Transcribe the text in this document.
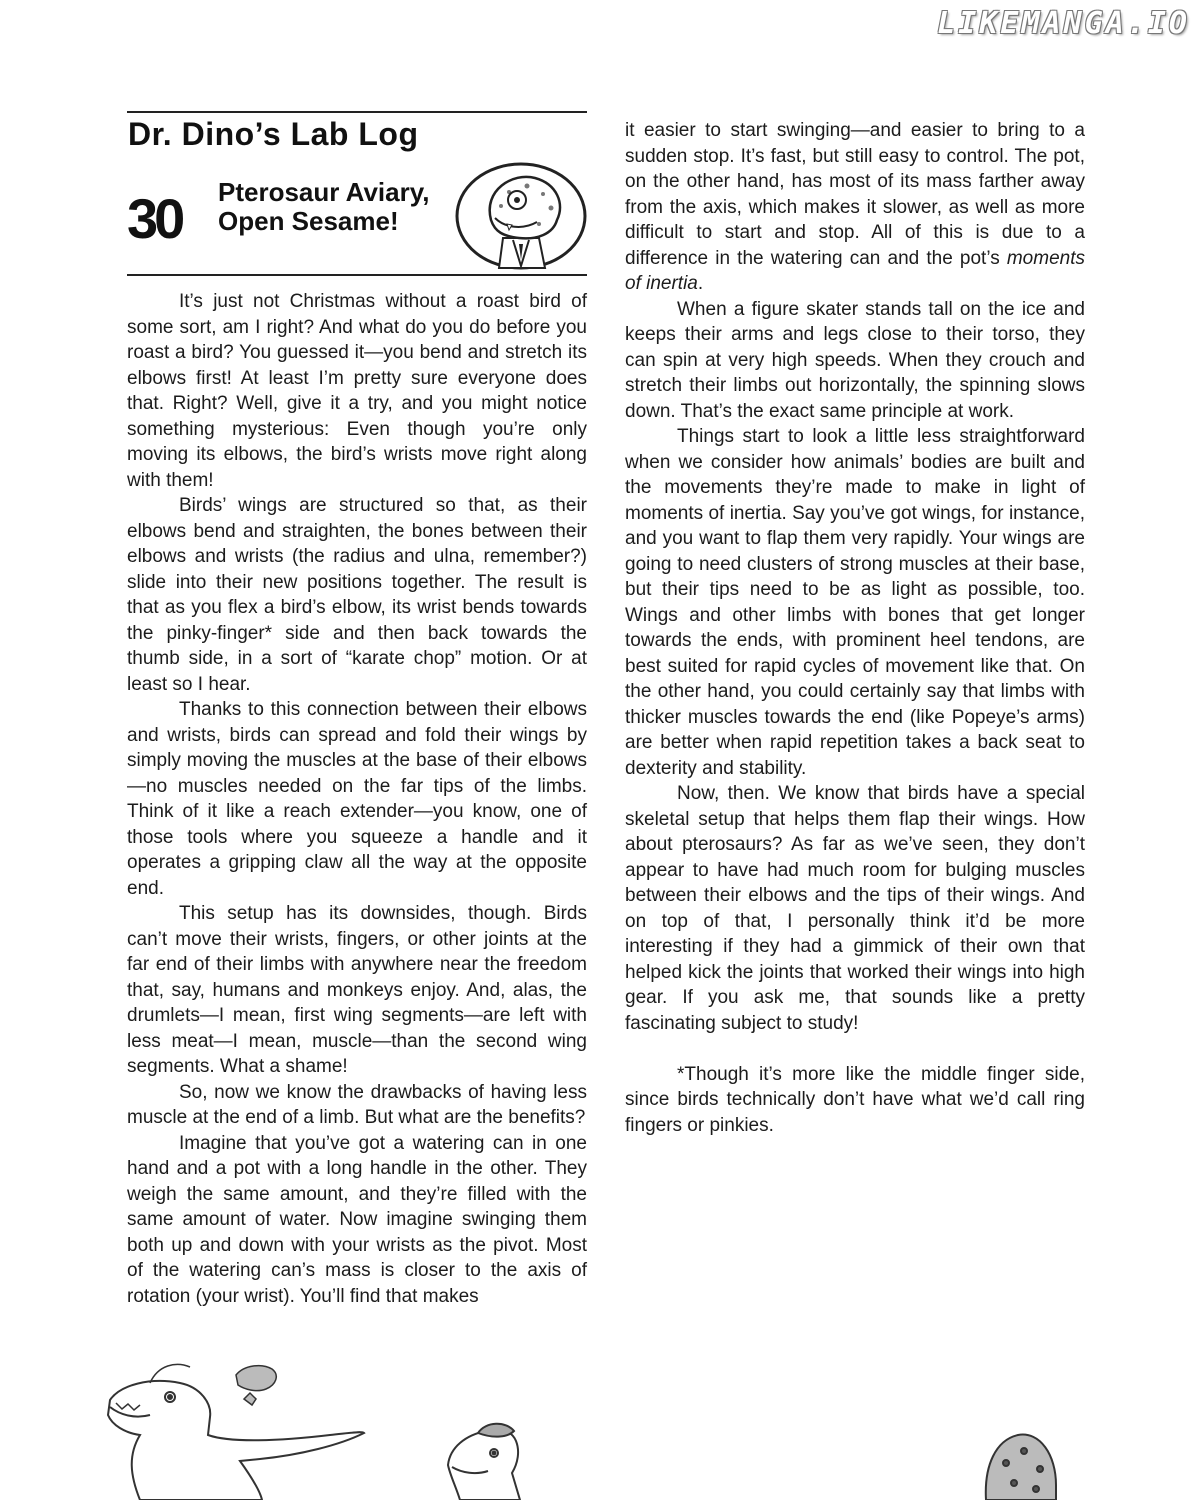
LIKEMANGA.IO
Dr. Dino’s Lab Log
30 Pterosaur Aviary, Open Sesame!

It’s just not Christmas without a roast bird of some sort, am I right? And what do you do before you roast a bird? You guessed it—you bend and stretch its elbows first! At least I’m pretty sure everyone does that. Right? Well, give it a try, and you might notice something mysterious: Even though you’re only moving its elbows, the bird’s wrists move right along with them!

Birds’ wings are structured so that, as their elbows bend and straighten, the bones between their elbows and wrists (the radius and ulna, remember?) slide into their new positions together. The result is that as you flex a bird’s elbow, its wrist bends towards the pinky-finger* side and then back towards the thumb side, in a sort of “karate chop” motion. Or at least so I hear.

Thanks to this connection between their elbows and wrists, birds can spread and fold their wings by simply moving the muscles at the base of their elbows—no muscles needed on the far tips of the limbs. Think of it like a reach extender—you know, one of those tools where you squeeze a handle and it operates a gripping claw all the way at the opposite end.

This setup has its downsides, though. Birds can’t move their wrists, fingers, or other joints at the far end of their limbs with anywhere near the freedom that, say, humans and monkeys enjoy. And, alas, the drumlets—I mean, first wing segments—are left with less meat—I mean, muscle—than the second wing segments. What a shame!

So, now we know the drawbacks of having less muscle at the end of a limb. But what are the benefits?

Imagine that you’ve got a watering can in one hand and a pot with a long handle in the other. They weigh the same amount, and they’re filled with the same amount of water. Now imagine swinging them both up and down with your wrists as the pivot. Most of the watering can’s mass is closer to the axis of rotation (your wrist). You’ll find that makes

it easier to start swinging—and easier to bring to a sudden stop. It’s fast, but still easy to control. The pot, on the other hand, has most of its mass farther away from the axis, which makes it slower, as well as more difficult to start and stop. All of this is due to a difference in the watering can and the pot’s moments of inertia.

When a figure skater stands tall on the ice and keeps their arms and legs close to their torso, they can spin at very high speeds. When they crouch and stretch their limbs out horizontally, the spinning slows down. That’s the exact same principle at work.

Things start to look a little less straightforward when we consider how animals’ bodies are built and the movements they’re made to make in light of moments of inertia. Say you’ve got wings, for instance, and you want to flap them very rapidly. Your wings are going to need clusters of strong muscles at their base, but their tips need to be as light as possible, too. Wings and other limbs with bones that get longer towards the ends, with prominent heel tendons, are best suited for rapid cycles of movement like that. On the other hand, you could certainly say that limbs with thicker muscles towards the end (like Popeye’s arms) are better when rapid repetition takes a back seat to dexterity and stability.

Now, then. We know that birds have a special skeletal setup that helps them flap their wings. How about pterosaurs? As far as we’ve seen, they don’t appear to have had much room for bulging muscles between their elbows and the tips of their wings. And on top of that, I personally think it’d be more interesting if they had a gimmick of their own that helped kick the joints that worked their wings into high gear. If you ask me, that sounds like a pretty fascinating subject to study!

*Though it’s more like the middle finger side, since birds technically don’t have what we’d call ring fingers or pinkies.
